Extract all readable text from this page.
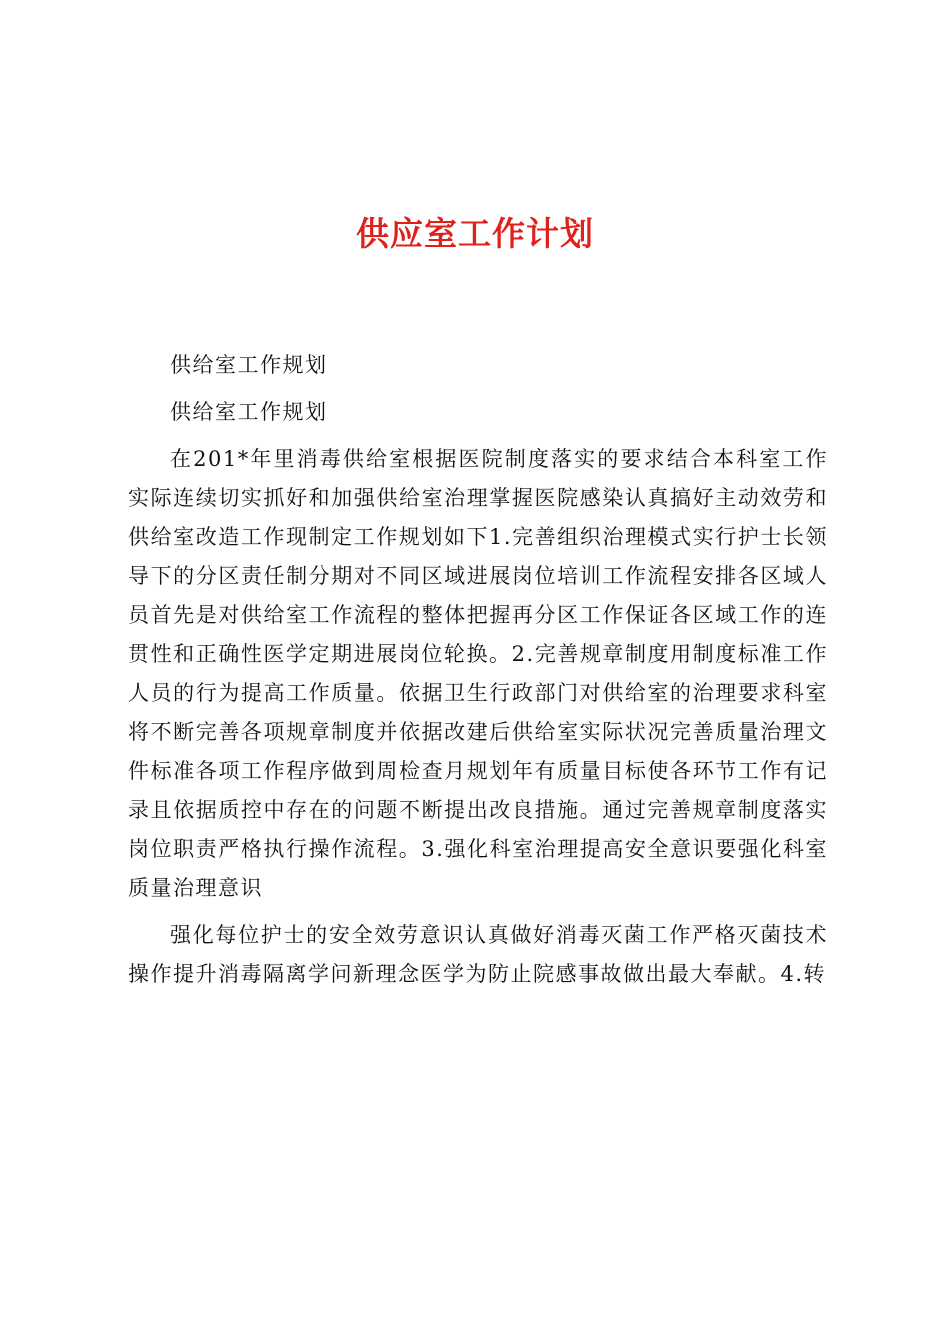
供应室工作计划

供给室工作规划

供给室工作规划

在201*年里消毒供给室根据医院制度落实的要求结合本科室工作实际连续切实抓好和加强供给室治理掌握医院感染认真搞好主动效劳和供给室改造工作现制定工作规划如下1.完善组织治理模式实行护士长领导下的分区责任制分期对不同区域进展岗位培训工作流程安排各区域人员首先是对供给室工作流程的整体把握再分区工作保证各区域工作的连贯性和正确性医学定期进展岗位轮换。2.完善规章制度用制度标准工作人员的行为提高工作质量。依据卫生行政部门对供给室的治理要求科室将不断完善各项规章制度并依据改建后供给室实际状况完善质量治理文件标准各项工作程序做到周检查月规划年有质量目标使各环节工作有记录且依据质控中存在的问题不断提出改良措施。通过完善规章制度落实岗位职责严格执行操作流程。3.强化科室治理提高安全意识要强化科室质量治理意识

强化每位护士的安全效劳意识认真做好消毒灭菌工作严格灭菌技术操作提升消毒隔离学问新理念医学为防止院感事故做出最大奉献。4.转
